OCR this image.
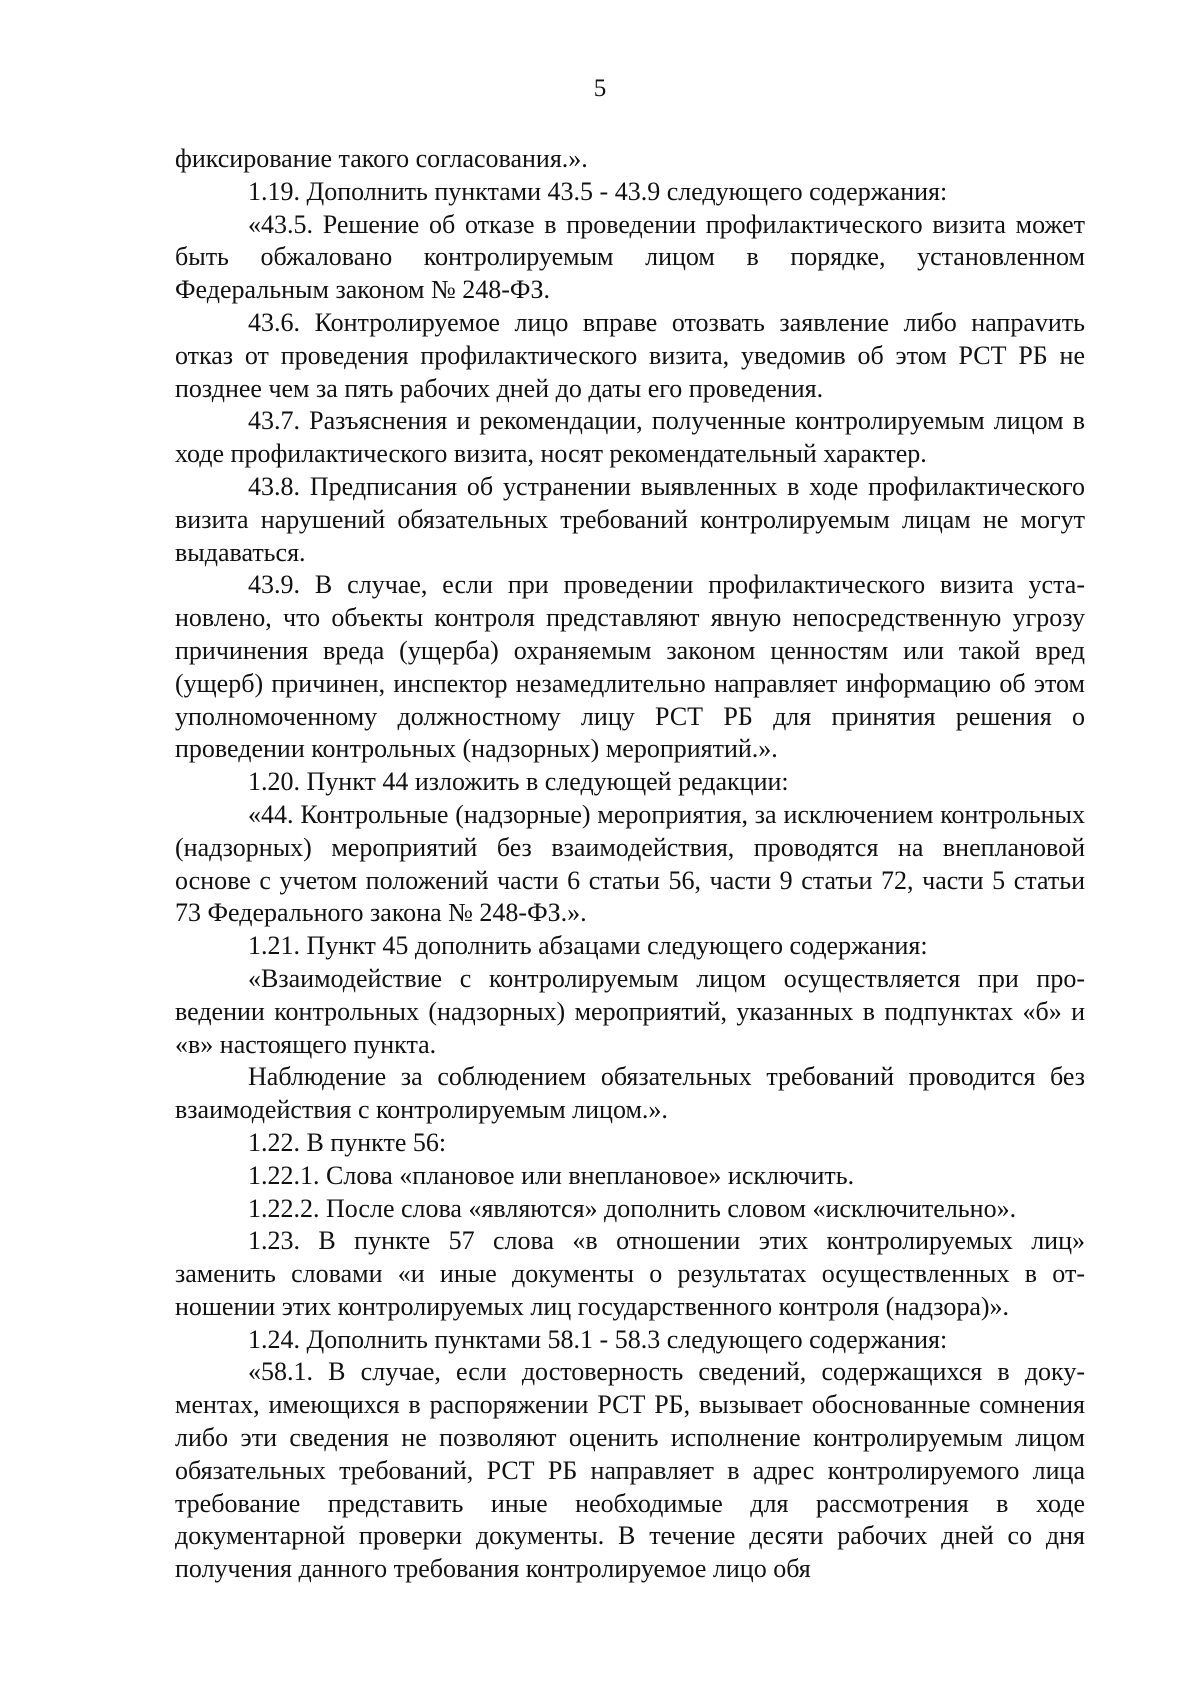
5

фиксирование такого согласования.».

1.19. Дополнить пунктами 43.5 - 43.9 следующего содержания:

«43.5. Решение об отказе в проведении профилактического визита может быть обжаловано контролируемым лицом в порядке, установленном Федеральным законом № 248-ФЗ.

43.6. Контролируемое лицо вправе отозвать заявление либо напраvить отказ от проведения профилактического визита, уведомив об этом РСТ РБ не позднее чем за пять рабочих дней до даты его проведения.

43.7. Разъяснения и рекомендации, полученные контролируемым лицом в ходе профилактического визита, носят рекомендательный характер.

43.8. Предписания об устранении выявленных в ходе профилактического визита нарушений обязательных требований контролируемым лицам не могут выдаваться.

43.9. В случае, если при проведении профилактического визита установлено, что объекты контроля представляют явную непосредственную угрозу причинения вреда (ущерба) охраняемым законом ценностям или такой вред (ущерб) причинен, инспектор незамедлительно направляет информацию об этом уполномоченному должностному лицу РСТ РБ для принятия решения о проведении контрольных (надзорных) мероприятий.».

1.20. Пункт 44 изложить в следующей редакции:

«44. Контрольные (надзорные) мероприятия, за исключением контрольных (надзорных) мероприятий без взаимодействия, проводятся на внеплановой основе с учетом положений части 6 статьи 56, части 9 статьи 72, части 5 статьи 73 Федерального закона № 248-ФЗ.».

1.21. Пункт 45 дополнить абзацами следующего содержания:

«Взаимодействие с контролируемым лицом осуществляется при проведении контрольных (надзорных) мероприятий, указанных в подпунктах «б» и «в» настоящего пункта.

Наблюдение за соблюдением обязательных требований проводится без взаимодействия с контролируемым лицом.».

1.22. В пункте 56:

1.22.1. Слова «плановое или внеплановое» исключить.

1.22.2. После слова «являются» дополнить словом «исключительно».

1.23. В пункте 57 слова «в отношении этих контролируемых лиц» заменить словами «и иные документы о результатах осуществленных в отношении этих контролируемых лиц государственного контроля (надзора)».

1.24. Дополнить пунктами 58.1 - 58.3 следующего содержания:

«58.1. В случае, если достоверность сведений, содержащихся в документах, имеющихся в распоряжении РСТ РБ, вызывает обоснованные сомнения либо эти сведения не позволяют оценить исполнение контролируемым лицом обязательных требований, РСТ РБ направляет в адрес контролируемого лица требование представить иные необходимые для рассмотрения в ходе документарной проверки документы. В течение десяти рабочих дней со дня получения данного требования контролируемое лицо обя
